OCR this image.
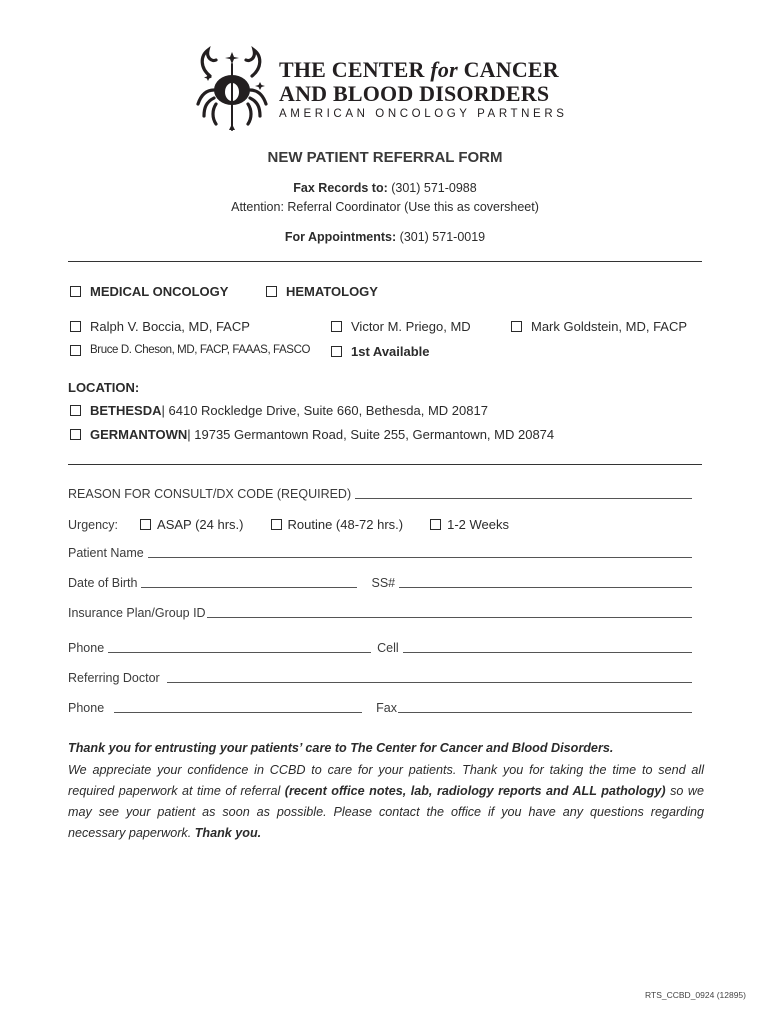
THE CENTER for CANCER
AND BLOOD DISORDERS
AMERICAN ONCOLOGY PARTNERS
NEW PATIENT REFERRAL FORM
Fax Records to: (301) 571-0988
Attention: Referral Coordinator (Use this as coversheet)
For Appointments: (301) 571-0019
MEDICAL ONCOLOGY	HEMATOLOGY
Ralph V. Boccia, MD, FACP	Victor M. Priego, MD	Mark Goldstein, MD, FACP
Bruce D. Cheson, MD, FACP, FAAAS, FASCO	1st Available
LOCATION:
BETHESDA | 6410 Rockledge Drive, Suite 660, Bethesda, MD 20817
GERMANTOWN | 19735 Germantown Road, Suite 255, Germantown, MD 20874
REASON FOR CONSULT/DX CODE (REQUIRED)
Urgency:	ASAP (24 hrs.)	Routine (48-72 hrs.)	1-2 Weeks
Patient Name
Date of Birth	SS#
Insurance Plan/Group ID
Phone	Cell
Referring Doctor
Phone	Fax
Thank you for entrusting your patients’ care to The Center for Cancer and Blood Disorders.
We appreciate your confidence in CCBD to care for your patients. Thank you for taking the time to send all required paperwork at time of referral (recent office notes, lab, radiology reports and ALL pathology) so we may see your patient as soon as possible. Please contact the office if you have any questions regarding necessary paperwork. Thank you.
RTS_CCBD_0924 (12895)
